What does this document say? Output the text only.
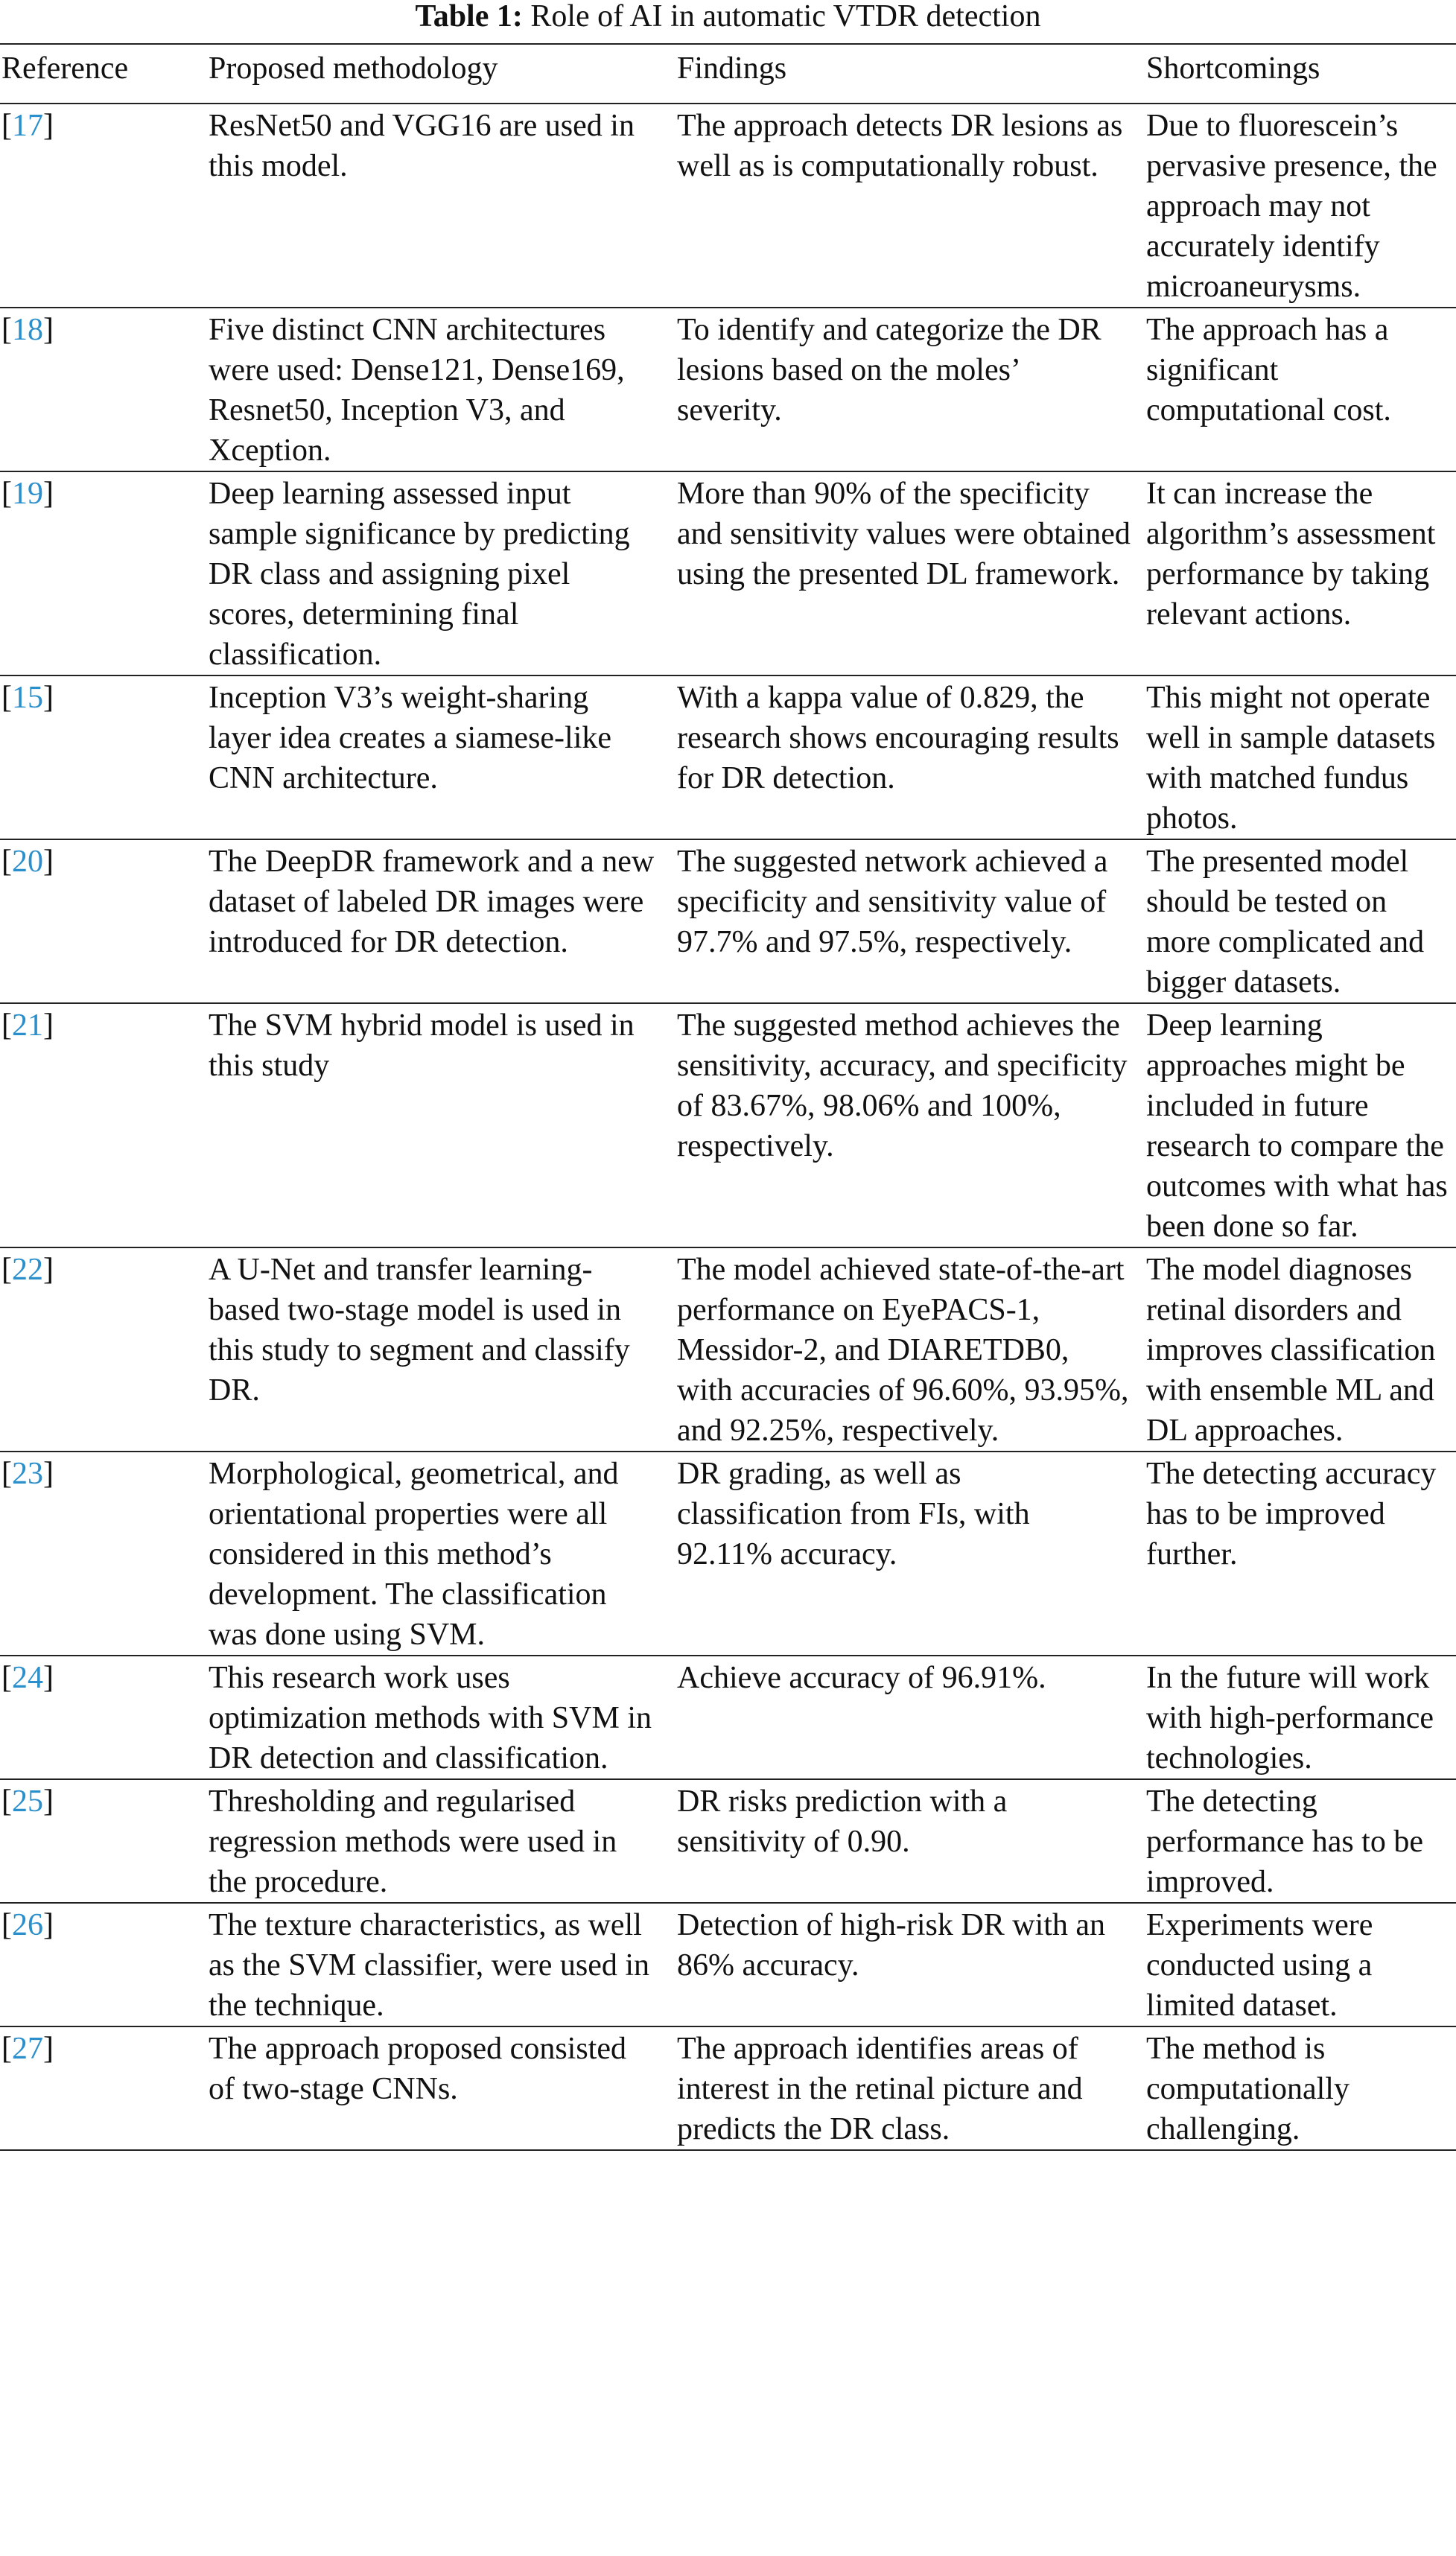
Table 1: Role of AI in automatic VTDR detection
Reference	Proposed methodology	Findings	Shortcomings
[17]	ResNet50 and VGG16 are used in this model.	The approach detects DR lesions as well as is computationally robust.	Due to fluorescein’s pervasive presence, the approach may not accurately identify microaneurysms.
[18]	Five distinct CNN architectures were used: Dense121, Dense169, Resnet50, Inception V3, and Xception.	To identify and categorize the DR lesions based on the moles’ severity.	The approach has a significant computational cost.
[19]	Deep learning assessed input sample significance by predicting DR class and assigning pixel scores, determining final classification.	More than 90% of the specificity and sensitivity values were obtained using the presented DL framework.	It can increase the algorithm’s assessment performance by taking relevant actions.
[15]	Inception V3’s weight-sharing layer idea creates a siamese-like CNN architecture.	With a kappa value of 0.829, the research shows encouraging results for DR detection.	This might not operate well in sample datasets with matched fundus photos.
[20]	The DeepDR framework and a new dataset of labeled DR images were introduced for DR detection.	The suggested network achieved a specificity and sensitivity value of 97.7% and 97.5%, respectively.	The presented model should be tested on more complicated and bigger datasets.
[21]	The SVM hybrid model is used in this study	The suggested method achieves the sensitivity, accuracy, and specificity of 83.67%, 98.06% and 100%, respectively.	Deep learning approaches might be included in future research to compare the outcomes with what has been done so far.
[22]	A U-Net and transfer learning-based two-stage model is used in this study to segment and classify DR.	The model achieved state-of-the-art performance on EyePACS-1, Messidor-2, and DIARETDB0, with accuracies of 96.60%, 93.95%, and 92.25%, respectively.	The model diagnoses retinal disorders and improves classification with ensemble ML and DL approaches.
[23]	Morphological, geometrical, and orientational properties were all considered in this method’s development. The classification was done using SVM.	DR grading, as well as classification from FIs, with 92.11% accuracy.	The detecting accuracy has to be improved further.
[24]	This research work uses optimization methods with SVM in DR detection and classification.	Achieve accuracy of 96.91%.	In the future will work with high-performance technologies.
[25]	Thresholding and regularised regression methods were used in the procedure.	DR risks prediction with a sensitivity of 0.90.	The detecting performance has to be improved.
[26]	The texture characteristics, as well as the SVM classifier, were used in the technique.	Detection of high-risk DR with an 86% accuracy.	Experiments were conducted using a limited dataset.
[27]	The approach proposed consisted of two-stage CNNs.	The approach identifies areas of interest in the retinal picture and predicts the DR class.	The method is computationally challenging.
